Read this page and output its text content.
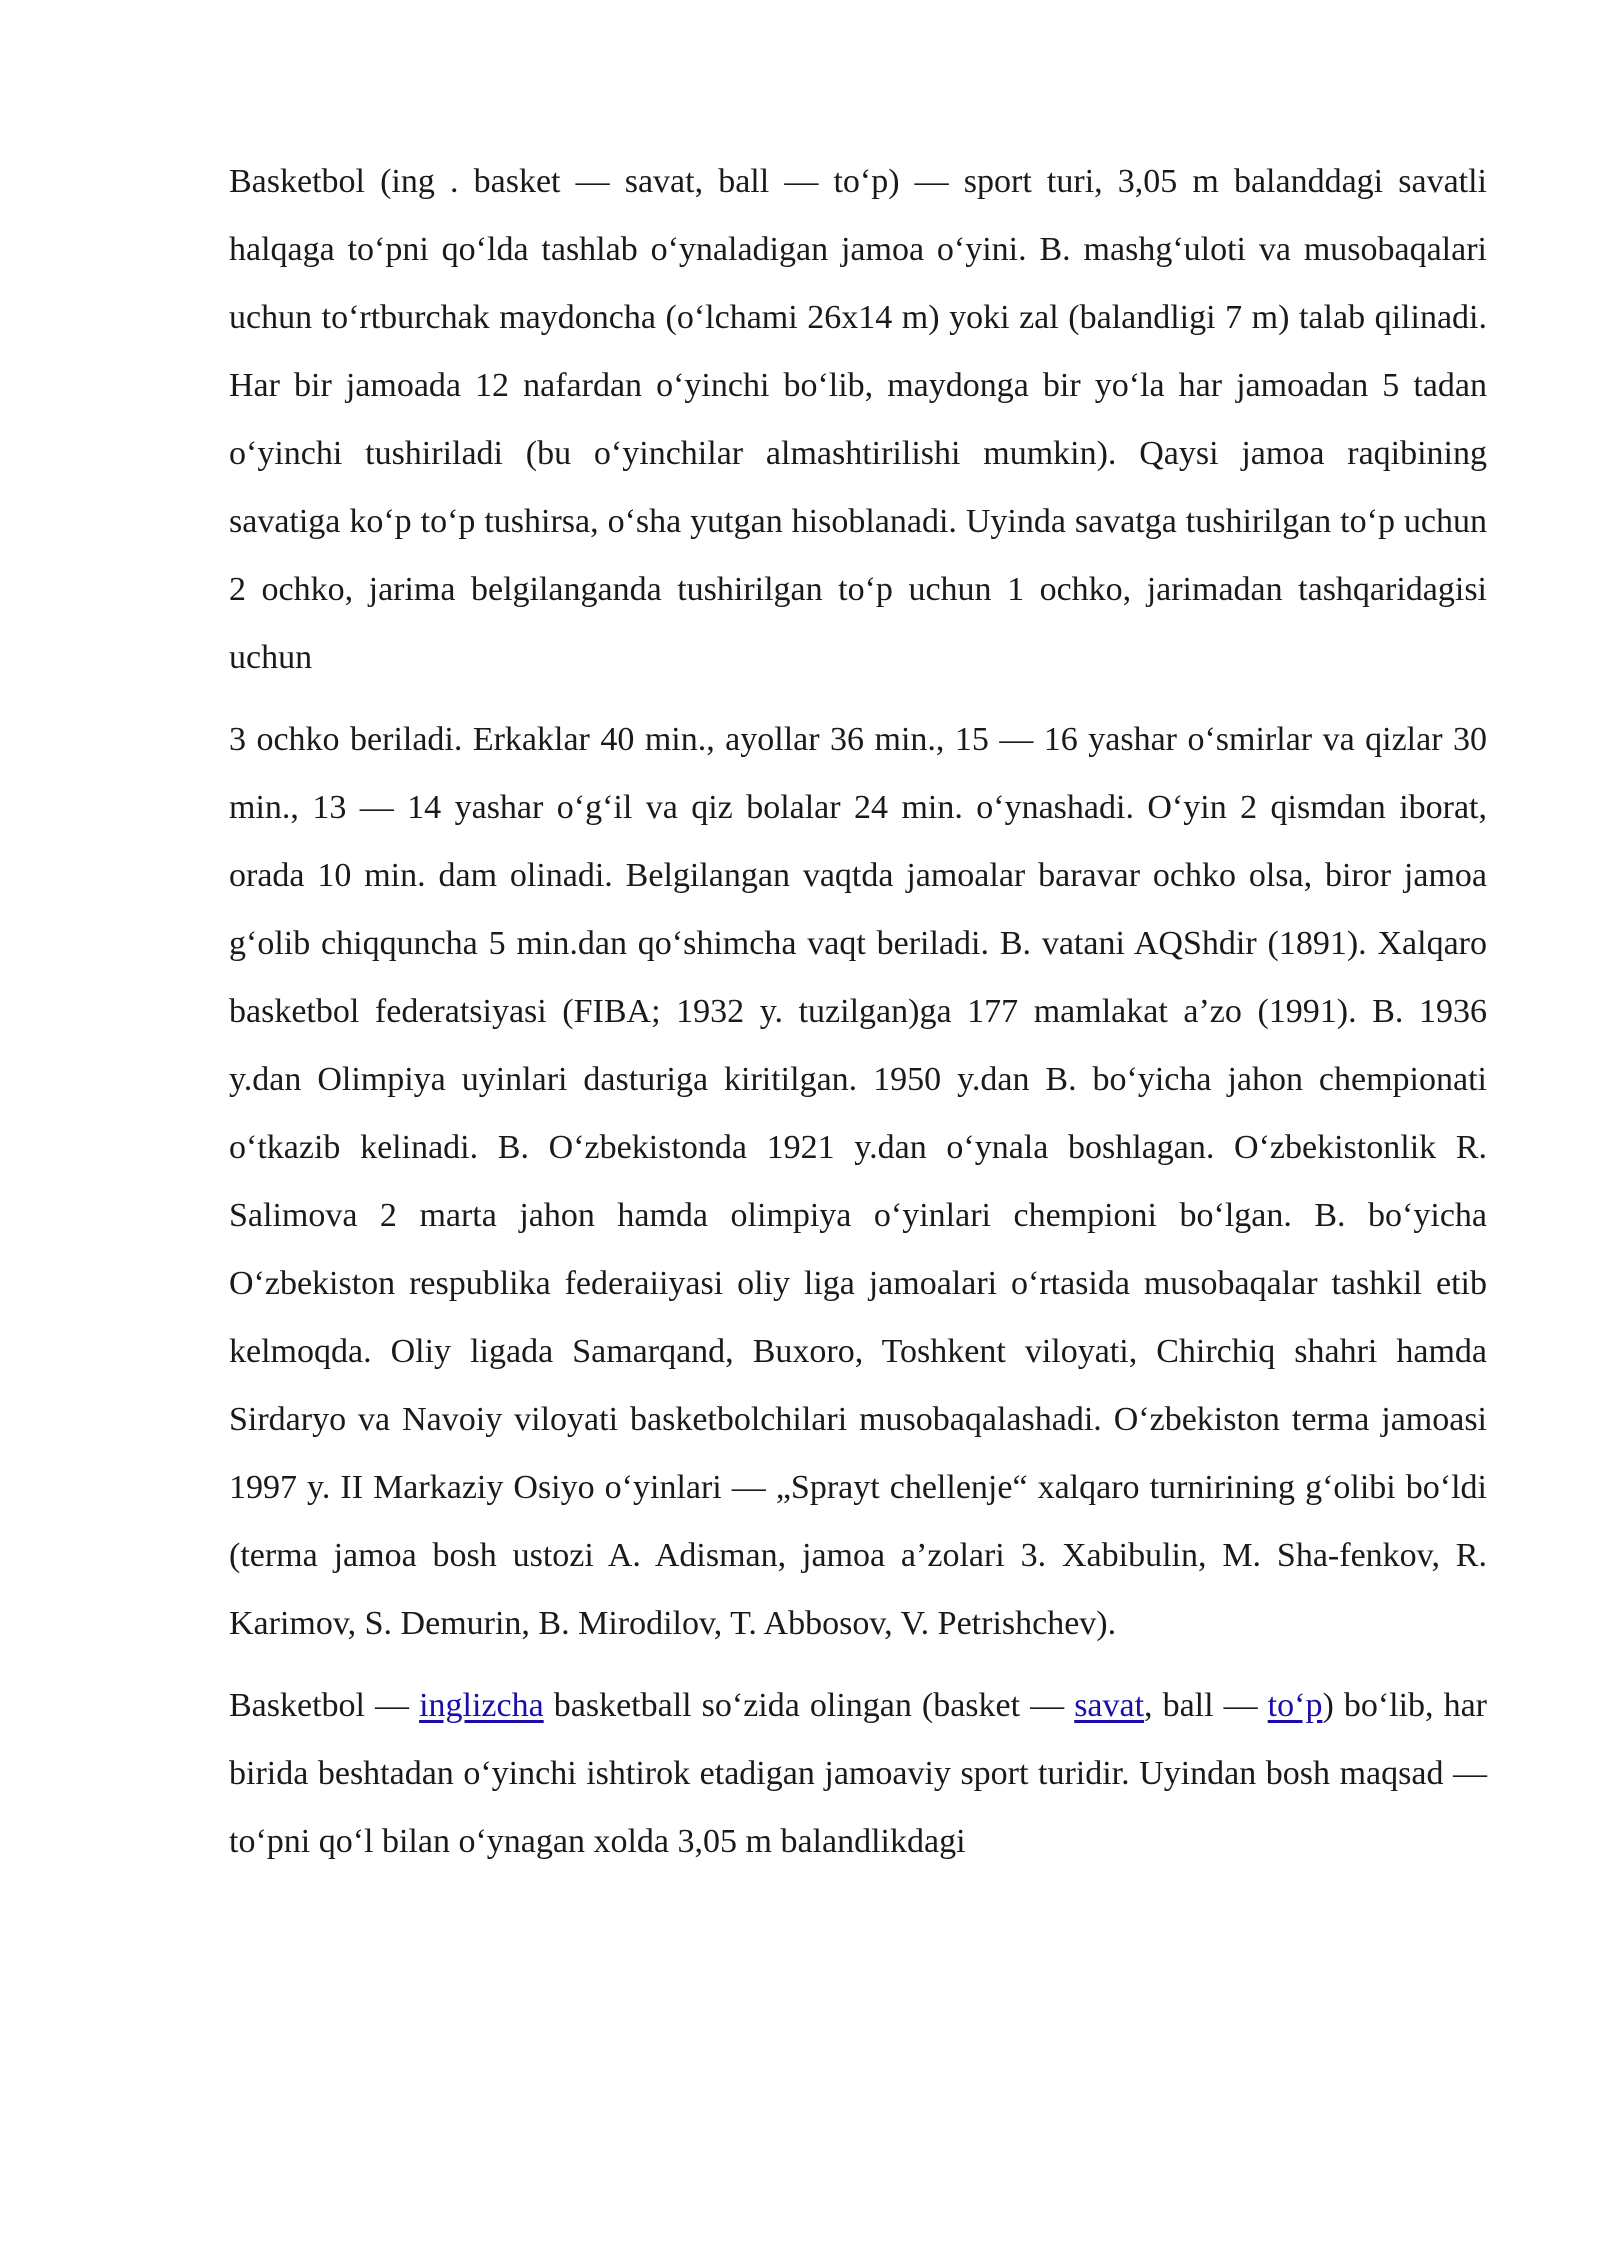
Basketbol (ing . basket — savat, ball — to‘p) — sport turi, 3,05 m balanddagi savatli halqaga to‘pni qo‘lda tashlab o‘ynaladigan jamoa o‘yini. B. mashg‘uloti va musobaqalari uchun to‘rtburchak maydoncha (o‘lchami 26x14 m) yoki zal (balandligi 7 m) talab qilinadi. Har bir jamoada 12 nafardan o‘yinchi bo‘lib, maydonga bir yo‘la har jamoadan 5 tadan o‘yinchi tushiriladi (bu o‘yinchilar almashtirilishi mumkin). Qaysi jamoa raqibining savatiga ko‘p to‘p tushirsa, o‘sha yutgan hisoblanadi. Uyinda savatga tushirilgan to‘p uchun 2 ochko, jarima belgilanganda tushirilgan to‘p uchun 1 ochko, jarimadan tashqaridagisi uchun

3 ochko beriladi. Erkaklar 40 min., ayollar 36 min., 15 — 16 yashar o‘smirlar va qizlar 30 min., 13 — 14 yashar o‘g‘il va qiz bolalar 24 min. o‘ynashadi. O‘yin 2 qismdan iborat, orada 10 min. dam olinadi. Belgilangan vaqtda jamoalar baravar ochko olsa, biror jamoa g‘olib chiqquncha 5 min.dan qo‘shimcha vaqt beriladi. B. vatani AQShdir (1891). Xalqaro basketbol federatsiyasi (FIBA; 1932 y. tuzilgan)ga 177 mamlakat a’zo (1991). B. 1936 y.dan Olimpiya uyinlari dasturiga kiritilgan. 1950 y.dan B. bo‘yicha jahon chempionati o‘tkazib kelinadi. B. O‘zbekistonda 1921 y.dan o‘ynala boshlagan. O‘zbekistonlik R. Salimova 2 marta jahon hamda olimpiya o‘yinlari chempioni bo‘lgan. B. bo‘yicha O‘zbekiston respublika federaiiyasi oliy liga jamoalari o‘rtasida musobaqalar tashkil etib kelmoqda. Oliy ligada Samarqand, Buxoro, Toshkent viloyati, Chirchiq shahri hamda Sirdaryo va Navoiy viloyati basketbolchilari musobaqalashadi. O‘zbekiston terma jamoasi 1997 y. II Markaziy Osiyo o‘yinlari — „Sprayt chellenje“ xalqaro turnirining g‘olibi bo‘ldi (terma jamoa bosh ustozi A. Adisman, jamoa a’zolari 3. Xabibulin, M. Sha-fenkov, R. Karimov, S. Demurin, B. Mirodilov, T. Abbosov, V. Petrishchev).

Basketbol — inglizcha basketball so‘zida olingan (basket — savat, ball — to‘p) bo‘lib, har birida beshtadan o‘yinchi ishtirok etadigan jamoaviy sport turidir. Uyindan bosh maqsad — to‘pni qo‘l bilan o‘ynagan xolda 3,05 m balandlikdagi
